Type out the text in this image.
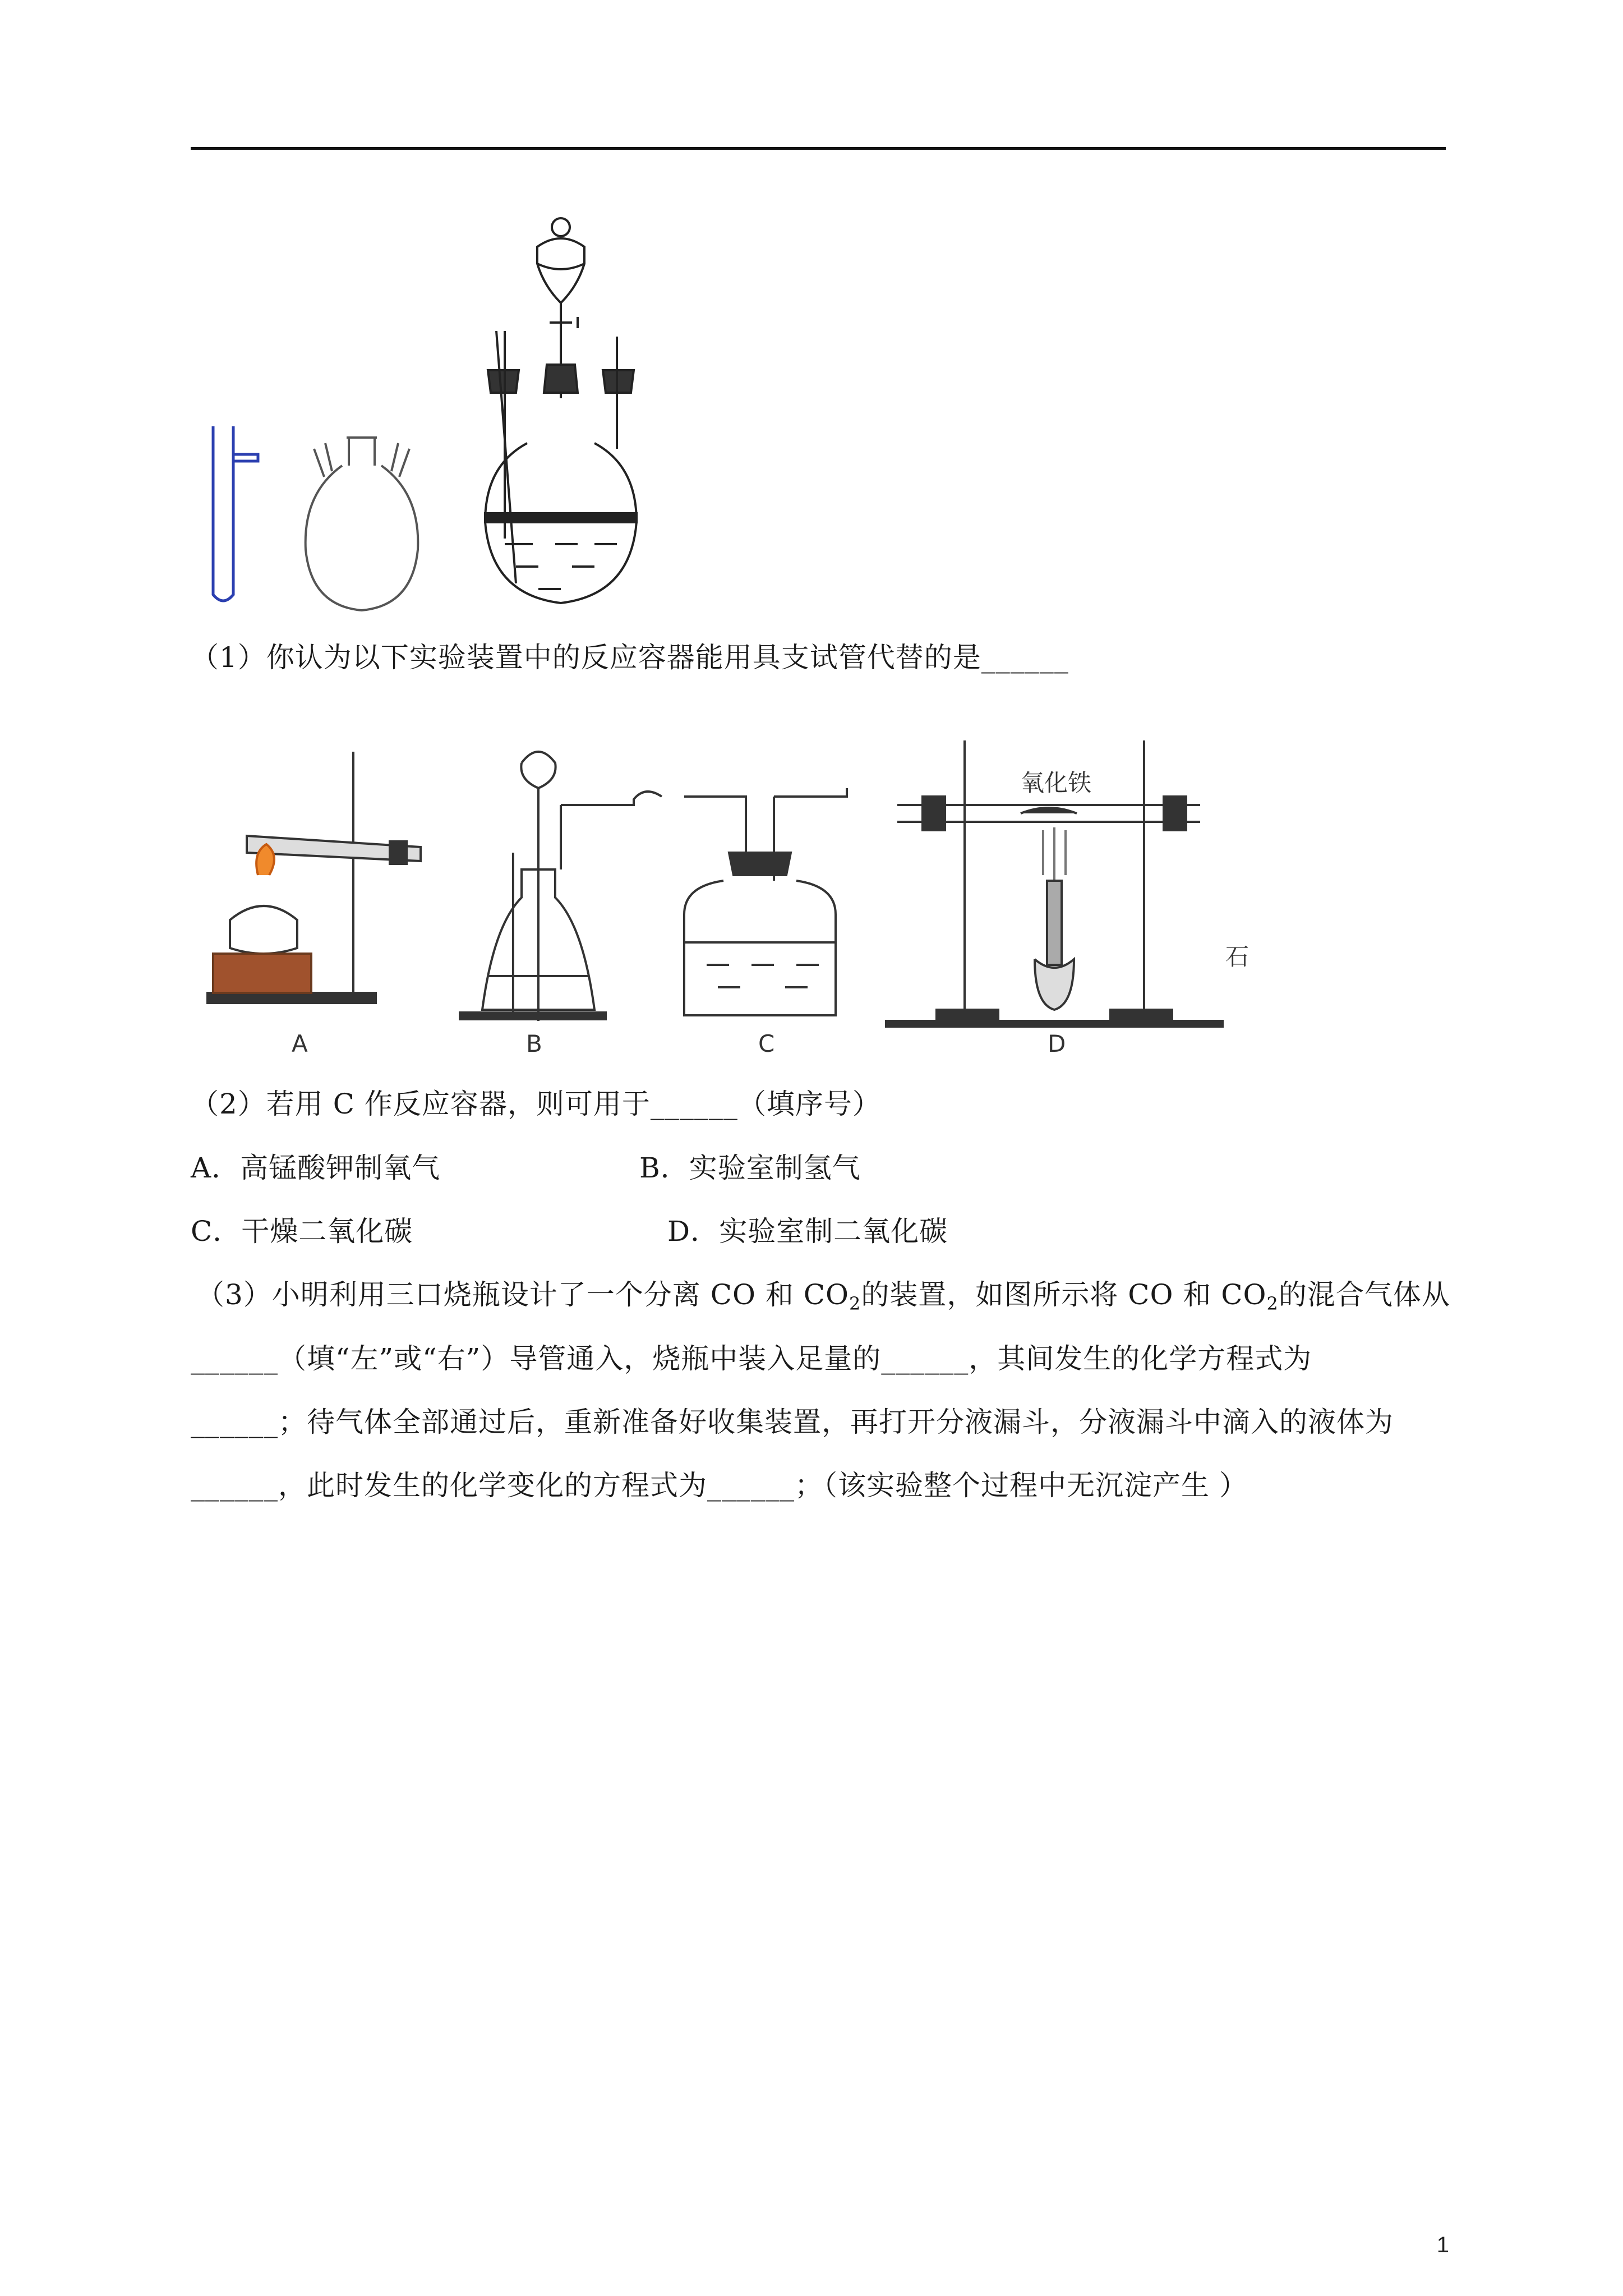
（1）你认为以下实验装置中的反应容器能用具支试管代替的是______
氧化铁
石
A	B	C	D
（2）若用 C 作反应容器，则可用于______（填序号）
A．高锰酸钾制氧气	B．实验室制氢气
C．干燥二氧化碳	D．实验室制二氧化碳
（3）小明利用三口烧瓶设计了一个分离 CO 和 $CO_2$的装置，如图所示将 CO 和 $CO_2$的混合气体从
______（填“左”或“右”）导管通入，烧瓶中装入足量的______，其间发生的化学方程式为
______；待气体全部通过后，重新准备好收集装置，再打开分液漏斗，分液漏斗中滴入的液体为
______，此时发生的化学变化的方程式为______；（该实验整个过程中无沉淀产生 ）
1
